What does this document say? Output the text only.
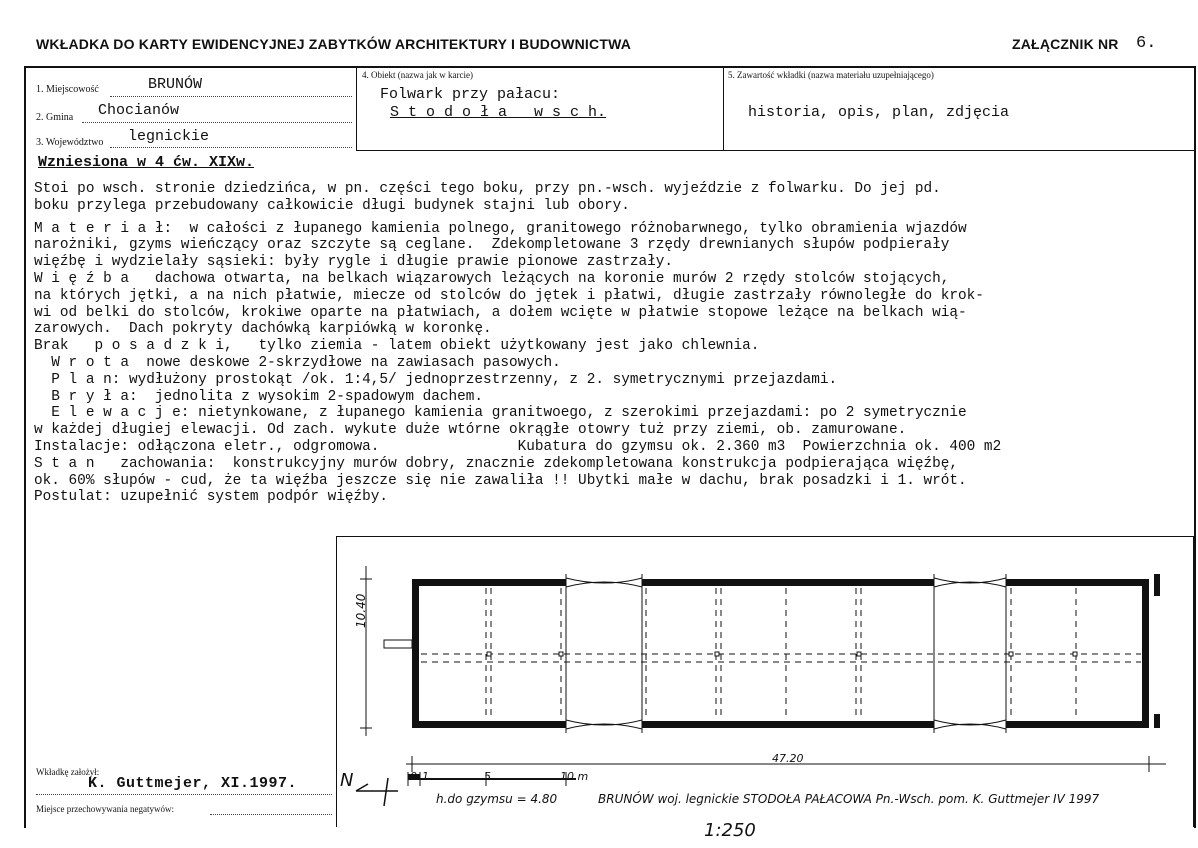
WKŁADKA DO KARTY EWIDENCYJNEJ ZABYTKÓW ARCHITEKTURY I BUDOWNICTWA	ZAŁĄCZNIK NR 6.
1. Miejscowość	BRUNÓW
2. Gmina Chocianów
3. Województwo legnickie
4. Obiekt (nazwa jak w karcie)
Folwark przy pałacu:
S t o d o ł a   w s c h.
5. Zawartość wkładki (nazwa materiału uzupełniającego)
historia, opis, plan, zdjęcia
Wzniesiona w 4 ćw. XIXw.
Stoi po wsch. stronie dziedzińca, w pn. części tego boku, przy pn.-wsch. wyjeździe z folwarku. Do jej pd.
boku przylega przebudowany całkowicie długi budynek stajni lub obory.
M a t e r i a ł:  w całości z łupanego kamienia polnego, granitowego różnobarwnego, tylko obramienia wjazdów
narożniki, gzyms wieńczący oraz szczyte są ceglane.  Zdekompletowane 3 rzędy drewnianych słupów podpierały
więźbę i wydzielały sąsieki: były rygle i długie prawie pionowe zastrzały.
W i ę ź b a   dachowa otwarta, na belkach wiązarowych leżących na koronie murów 2 rzędy stolców stojących,
na których jętki, a na nich płatwie, miecze od stolców do jętek i płatwi, długie zastrzały równoległe do krok-
wi od belki do stolców, krokiwe oparte na płatwiach, a dołem wcięte w płatwie stopowe leżące na belkach wią-
zarowych.  Dach pokryty dachówką karpiówką w koronkę.
Brak   p o s a d z k i,   tylko ziemia - latem obiekt użytkowany jest jako chlewnia.
W r o t a  nowe deskowe 2-skrzydłowe na zawiasach pasowych.
P l a n: wydłużony prostokąt /ok. 1:4,5/ jednoprzestrzenny, z 2. symetrycznymi przejazdami.
B r y ł a:  jednolita z wysokim 2-spadowym dachem.
E l e w a c j e: nietynkowane, z łupanego kamienia granitwoego, z szerokimi przejazdami: po 2 symetrycznie
w każdej długiej elewacji. Od zach. wykute duże wtórne okrągłe otowry tuż przy ziemi, ob. zamurowane.
Instalacje: odłączona eletr., odgromowa.                Kubatura do gzymsu ok. 2.360 m3  Powierzchnia ok. 400 m2
S t a n   zachowania:  konstrukcyjny murów dobry, znacznie zdekompletowana konstrukcja podpierająca więźbę,
ok. 60% słupów - cud, że ta więźba jeszcze się nie zawaliła !! Ubytki małe w dachu, brak posadzki i 1. wrót.
Postulat: uzupełnić system podpór więźby.
10.40
47.20
0 1	5	10 m
N
h.do gzymsu = 4.80	BRUNÓW woj. legnickie STODOŁA PAŁACOWA Pn.-Wsch. pom. K. Guttmejer IV 1997
Wkładkę założył:
K. Guttmejer, XI.1997.
Miejsce przechowywania negatywów:
1:250
